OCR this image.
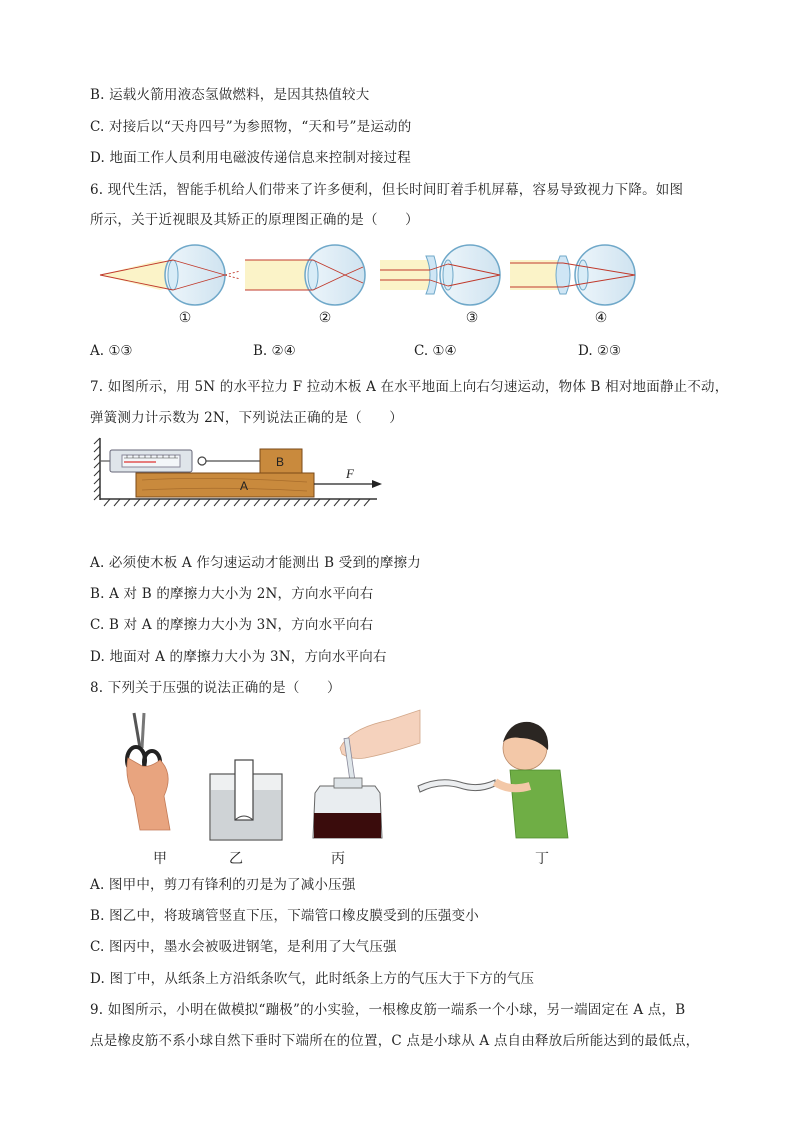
B. 运载火箭用液态氢做燃料，是因其热值较大
C. 对接后以“天舟四号”为参照物，“天和号”是运动的
D. 地面工作人员利用电磁波传递信息来控制对接过程
6. 现代生活，智能手机给人们带来了许多便利，但长时间盯着手机屏幕，容易导致视力下降。如图
所示，关于近视眼及其矫正的原理图正确的是（　　）
①	②	③	④
A. ①③	B. ②④	C. ①④	D. ②③
7. 如图所示，用 5N 的水平拉力 F 拉动木板 A 在水平地面上向右匀速运动，物体 B 相对地面静止不动，
弹簧测力计示数为 2N，下列说法正确的是（　　）
B
A
F
A. 必须使木板 A 作匀速运动才能测出 B 受到的摩擦力
B. A 对 B 的摩擦力大小为 2N，方向水平向右
C. B 对 A 的摩擦力大小为 3N，方向水平向右
D. 地面对 A 的摩擦力大小为 3N，方向水平向右
8. 下列关于压强的说法正确的是（　　）
甲	乙	丙	丁
A. 图甲中，剪刀有锋利的刃是为了减小压强
B. 图乙中，将玻璃管竖直下压，下端管口橡皮膜受到的压强变小
C. 图丙中，墨水会被吸进钢笔，是利用了大气压强
D. 图丁中，从纸条上方沿纸条吹气，此时纸条上方的气压大于下方的气压
9. 如图所示，小明在做模拟“蹦极”的小实验，一根橡皮筋一端系一个小球，另一端固定在 A 点，B
点是橡皮筋不系小球自然下垂时下端所在的位置，C 点是小球从 A 点自由释放后所能达到的最低点，
